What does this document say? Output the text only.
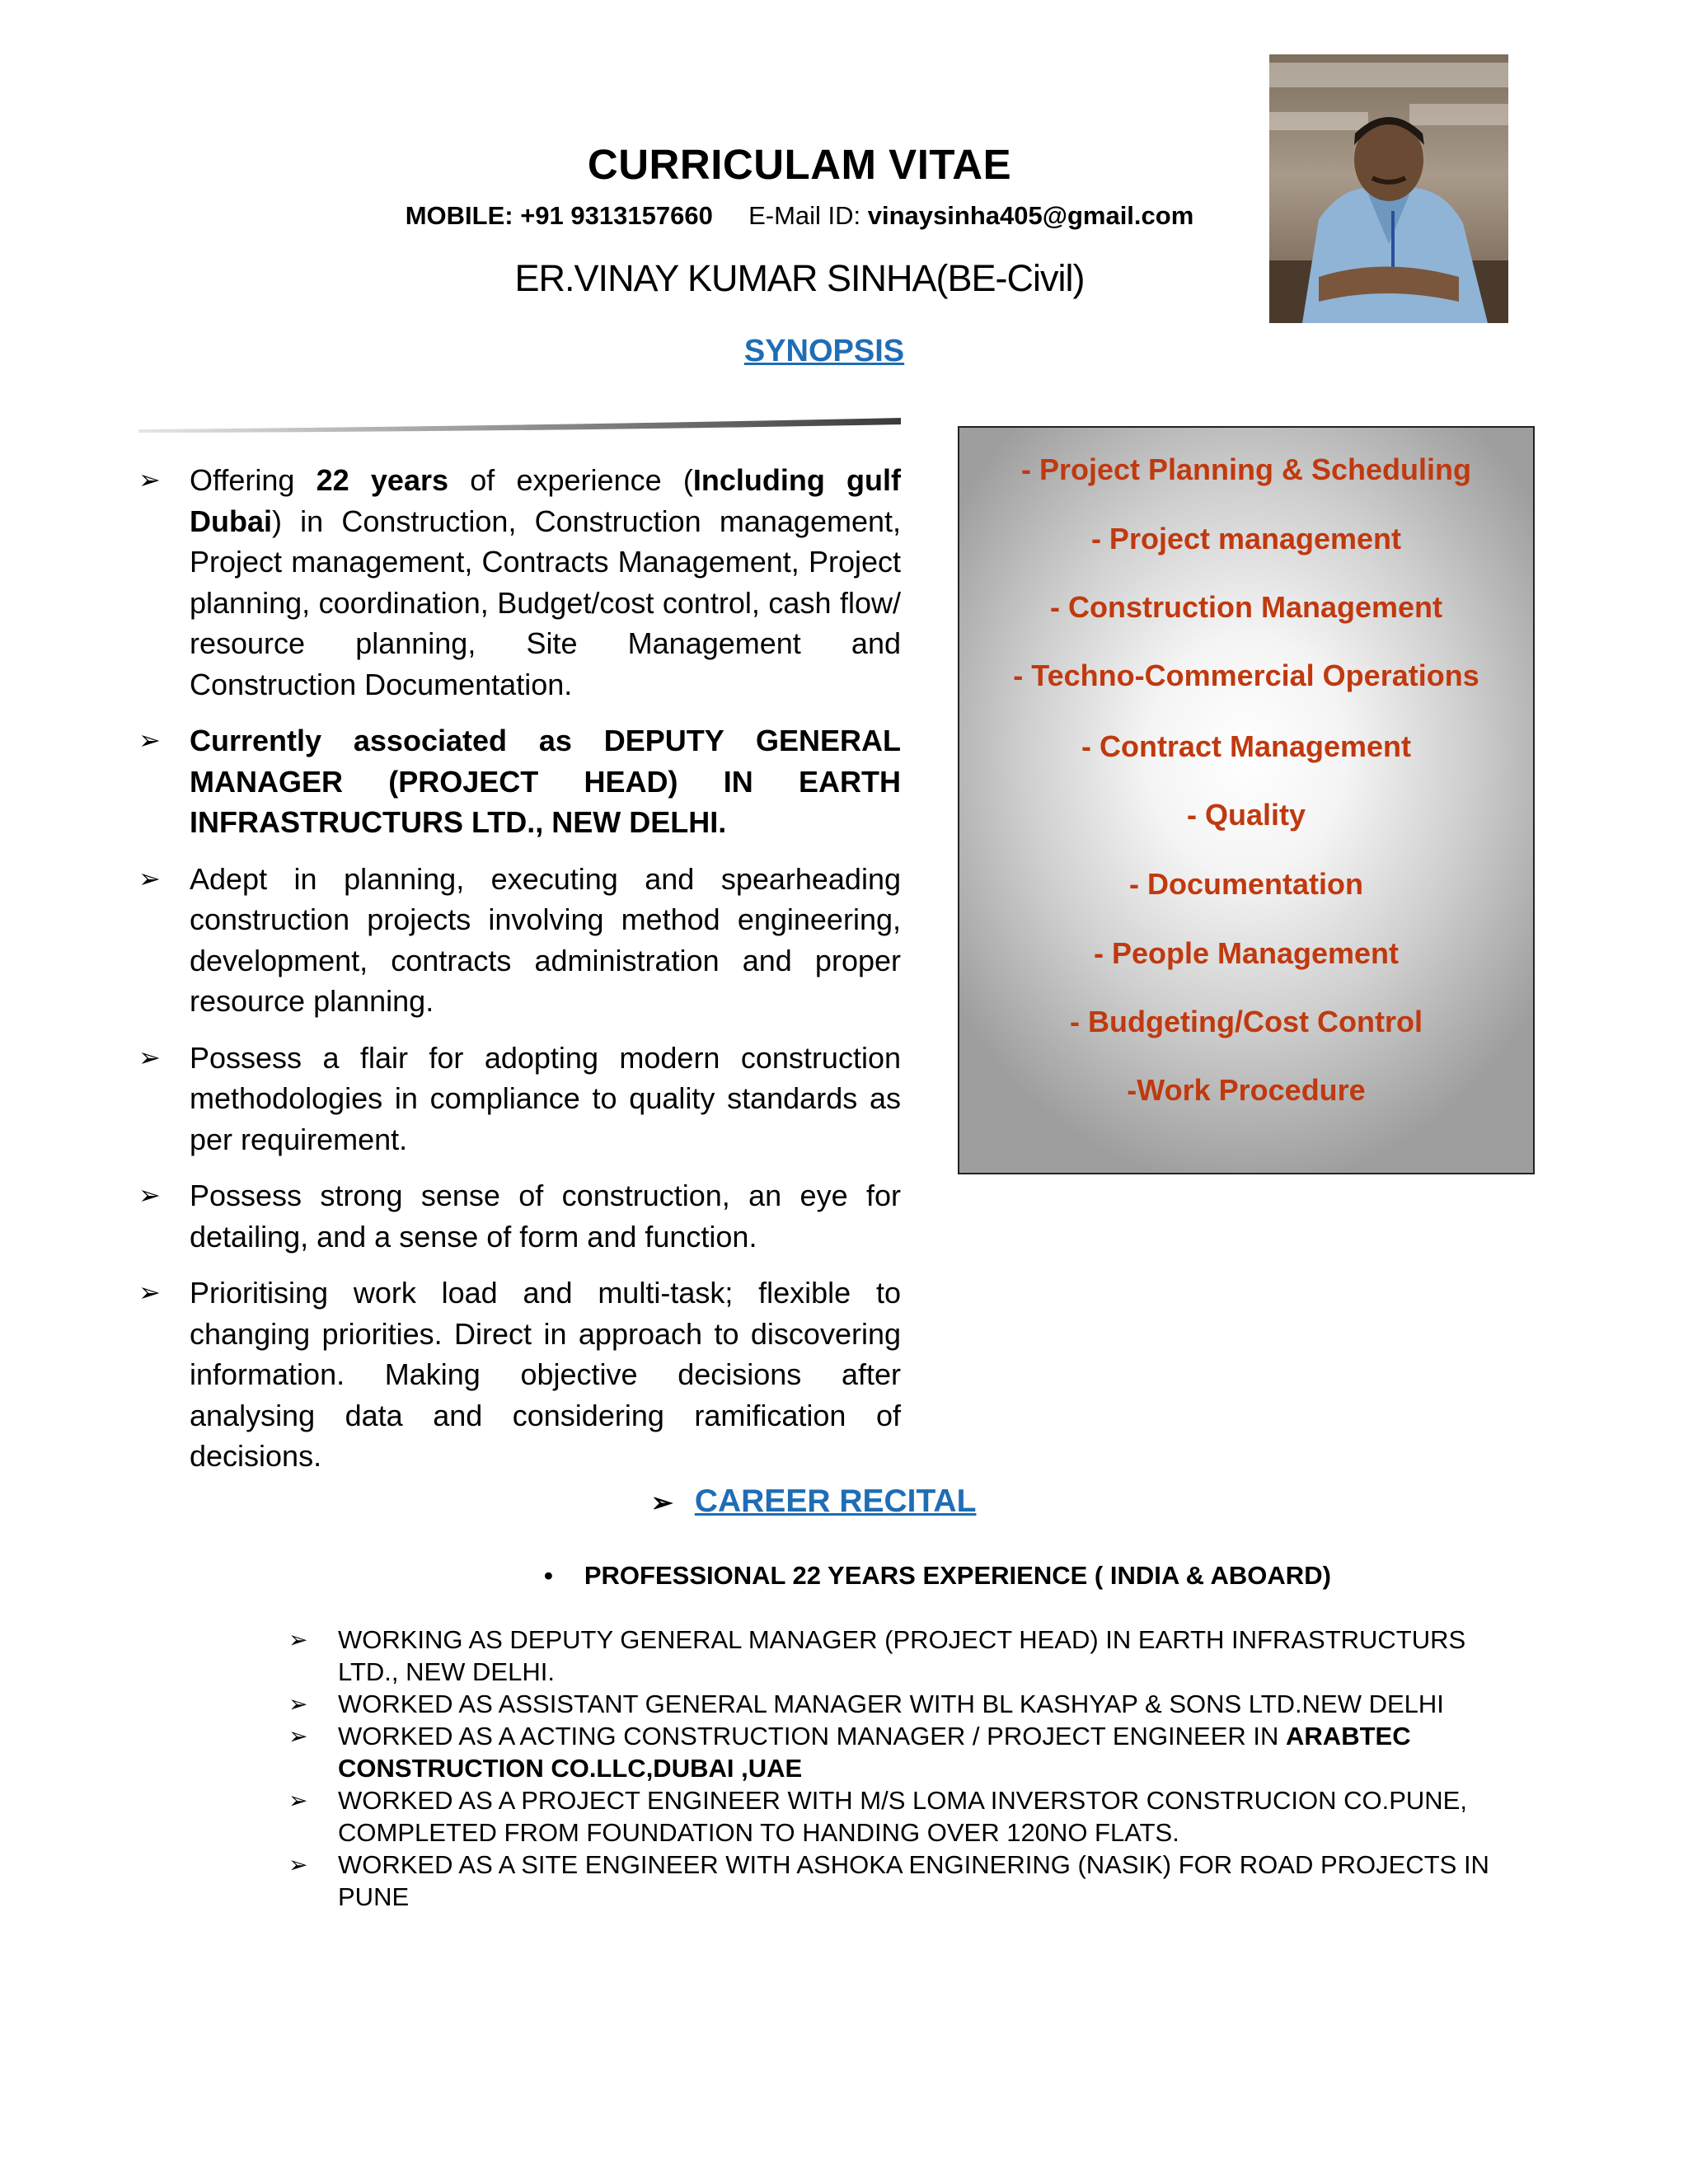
CURRICULAM VITAE
MOBILE: +91 9313157660 E-Mail ID: vinaysinha405@gmail.com
ER.VINAY KUMAR SINHA(BE-Civil)
SYNOPSIS
➢ Offering 22 years of experience (Including gulf Dubai) in Construction, Construction management, Project management, Contracts Management, Project planning, coordination, Budget/cost control, cash flow/ resource planning, Site Management and Construction Documentation.
➢ Currently associated as DEPUTY GENERAL MANAGER (PROJECT HEAD) IN EARTH INFRASTRUCTURS LTD., NEW DELHI.
➢ Adept in planning, executing and spearheading construction projects involving method engineering, development, contracts administration and proper resource planning.
➢ Possess a flair for adopting modern construction methodologies in compliance to quality standards as per requirement.
➢ Possess strong sense of construction, an eye for detailing, and a sense of form and function.
➢ Prioritising work load and multi-task; flexible to changing priorities. Direct in approach to discovering information. Making objective decisions after analysing data and considering ramification of decisions.
- Project Planning & Scheduling
- Project management
- Construction Management
- Techno-Commercial Operations
- Contract Management
- Quality
- Documentation
- People Management
- Budgeting/Cost Control
-Work Procedure
➢ CAREER RECITAL
• PROFESSIONAL 22 YEARS EXPERIENCE ( INDIA & ABOARD)
➢ WORKING AS DEPUTY GENERAL MANAGER (PROJECT HEAD) IN EARTH INFRASTRUCTURS LTD., NEW DELHI.
➢ WORKED AS ASSISTANT GENERAL MANAGER WITH BL KASHYAP & SONS LTD.NEW DELHI
➢ WORKED AS A ACTING CONSTRUCTION MANAGER / PROJECT ENGINEER IN ARABTEC CONSTRUCTION CO.LLC,DUBAI ,UAE
➢ WORKED AS A PROJECT ENGINEER WITH M/S LOMA INVERSTOR CONSTRUCION CO.PUNE, COMPLETED FROM FOUNDATION TO HANDING OVER 120NO FLATS.
➢ WORKED AS A SITE ENGINEER WITH ASHOKA ENGINERING (NASIK) FOR ROAD PROJECTS IN PUNE
